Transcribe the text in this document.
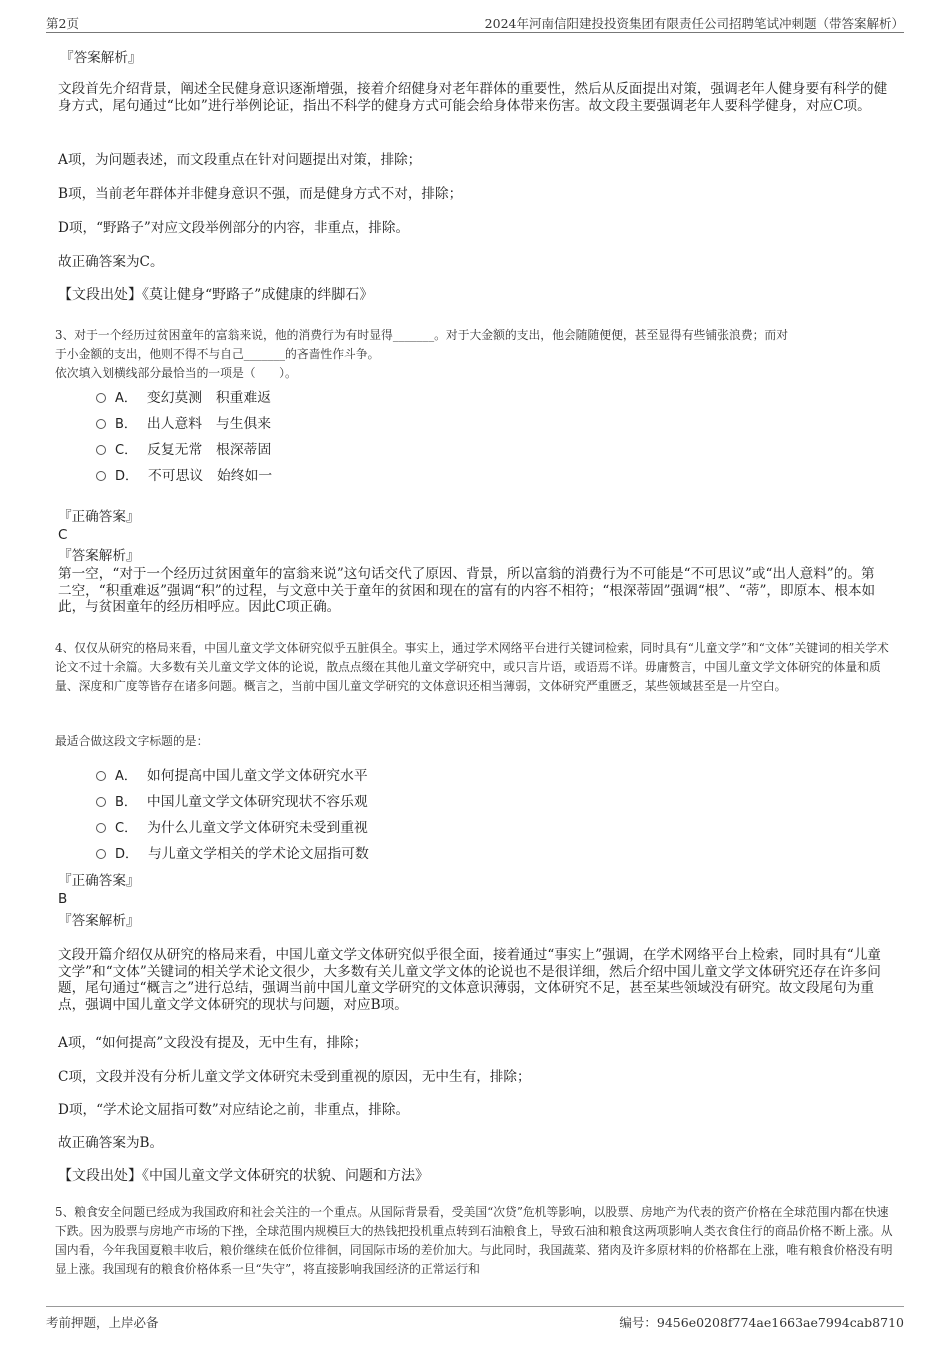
第2页	2024年河南信阳建投投资集团有限责任公司招聘笔试冲刺题（带答案解析）
『答案解析』
文段首先介绍背景，阐述全民健身意识逐渐增强，接着介绍健身对老年群体的重要性，然后从反面提出对策，强调老年人健身要有科学的健身方式，尾句通过“比如”进行举例论证，指出不科学的健身方式可能会给身体带来伤害。故文段主要强调老年人要科学健身，对应C项。
A项，为问题表述，而文段重点在针对问题提出对策，排除；
B项，当前老年群体并非健身意识不强，而是健身方式不对，排除；
D项，“野路子”对应文段举例部分的内容，非重点，排除。
故正确答案为C。
【文段出处】《莫让健身“野路子”成健康的绊脚石》
3、对于一个经历过贫困童年的富翁来说，他的消费行为有时显得_______。对于大金额的支出，他会随随便便，甚至显得有些铺张浪费；而对
于小金额的支出，他则不得不与自己_______的吝啬性作斗争。
依次填入划横线部分最恰当的一项是（　　）。
A． 变幻莫测　积重难返
B． 出人意料　与生俱来
C． 反复无常　根深蒂固
D． 不可思议　始终如一
『正确答案』
C
『答案解析』
第一空，“对于一个经历过贫困童年的富翁来说”这句话交代了原因、背景，所以富翁的消费行为不可能是“不可思议”或“出人意料”的。第二空，“积重难返”强调“积”的过程，与文意中关于童年的贫困和现在的富有的内容不相符；“根深蒂固”强调“根”、“蒂”，即原本、根本如此，与贫困童年的经历相呼应。因此C项正确。
4、仅仅从研究的格局来看，中国儿童文学文体研究似乎五脏俱全。事实上，通过学术网络平台进行关键词检索，同时具有“儿童文学”和“文体”关键词的相关学术论文不过十余篇。大多数有关儿童文学文体的论说，散点点缀在其他儿童文学研究中，或只言片语，或语焉不详。毋庸赘言，中国儿童文学文体研究的体量和质量、深度和广度等皆存在诸多问题。概言之，当前中国儿童文学研究的文体意识还相当薄弱，文体研究严重匮乏，某些领域甚至是一片空白。
最适合做这段文字标题的是：
A． 如何提高中国儿童文学文体研究水平
B． 中国儿童文学文体研究现状不容乐观
C． 为什么儿童文学文体研究未受到重视
D． 与儿童文学相关的学术论文屈指可数
『正确答案』
B
『答案解析』
文段开篇介绍仅从研究的格局来看，中国儿童文学文体研究似乎很全面，接着通过“事实上”强调，在学术网络平台上检索，同时具有“儿童文学”和“文体”关键词的相关学术论文很少，大多数有关儿童文学文体的论说也不是很详细，然后介绍中国儿童文学文体研究还存在许多问题，尾句通过“概言之”进行总结，强调当前中国儿童文学研究的文体意识薄弱，文体研究不足，甚至某些领域没有研究。故文段尾句为重点，强调中国儿童文学文体研究的现状与问题，对应B项。
A项，“如何提高”文段没有提及，无中生有，排除；
C项，文段并没有分析儿童文学文体研究未受到重视的原因，无中生有，排除；
D项，“学术论文屈指可数”对应结论之前，非重点，排除。
故正确答案为B。
【文段出处】《中国儿童文学文体研究的状貌、问题和方法》
5、粮食安全问题已经成为我国政府和社会关注的一个重点。从国际背景看，受美国“次贷”危机等影响，以股票、房地产为代表的资产价格在全球范围内都在快速下跌。因为股票与房地产市场的下挫，全球范围内规模巨大的热钱把投机重点转到石油粮食上，导致石油和粮食这两项影响人类衣食住行的商品价格不断上涨。从国内看，今年我国夏粮丰收后，粮价继续在低价位徘徊，同国际市场的差价加大。与此同时，我国蔬菜、猪肉及许多原材料的价格都在上涨，唯有粮食价格没有明显上涨。我国现有的粮食价格体系一旦“失守”，将直接影响我国经济的正常运行和
考前押题，上岸必备	编号：9456e0208f774ae1663ae7994cab8710
